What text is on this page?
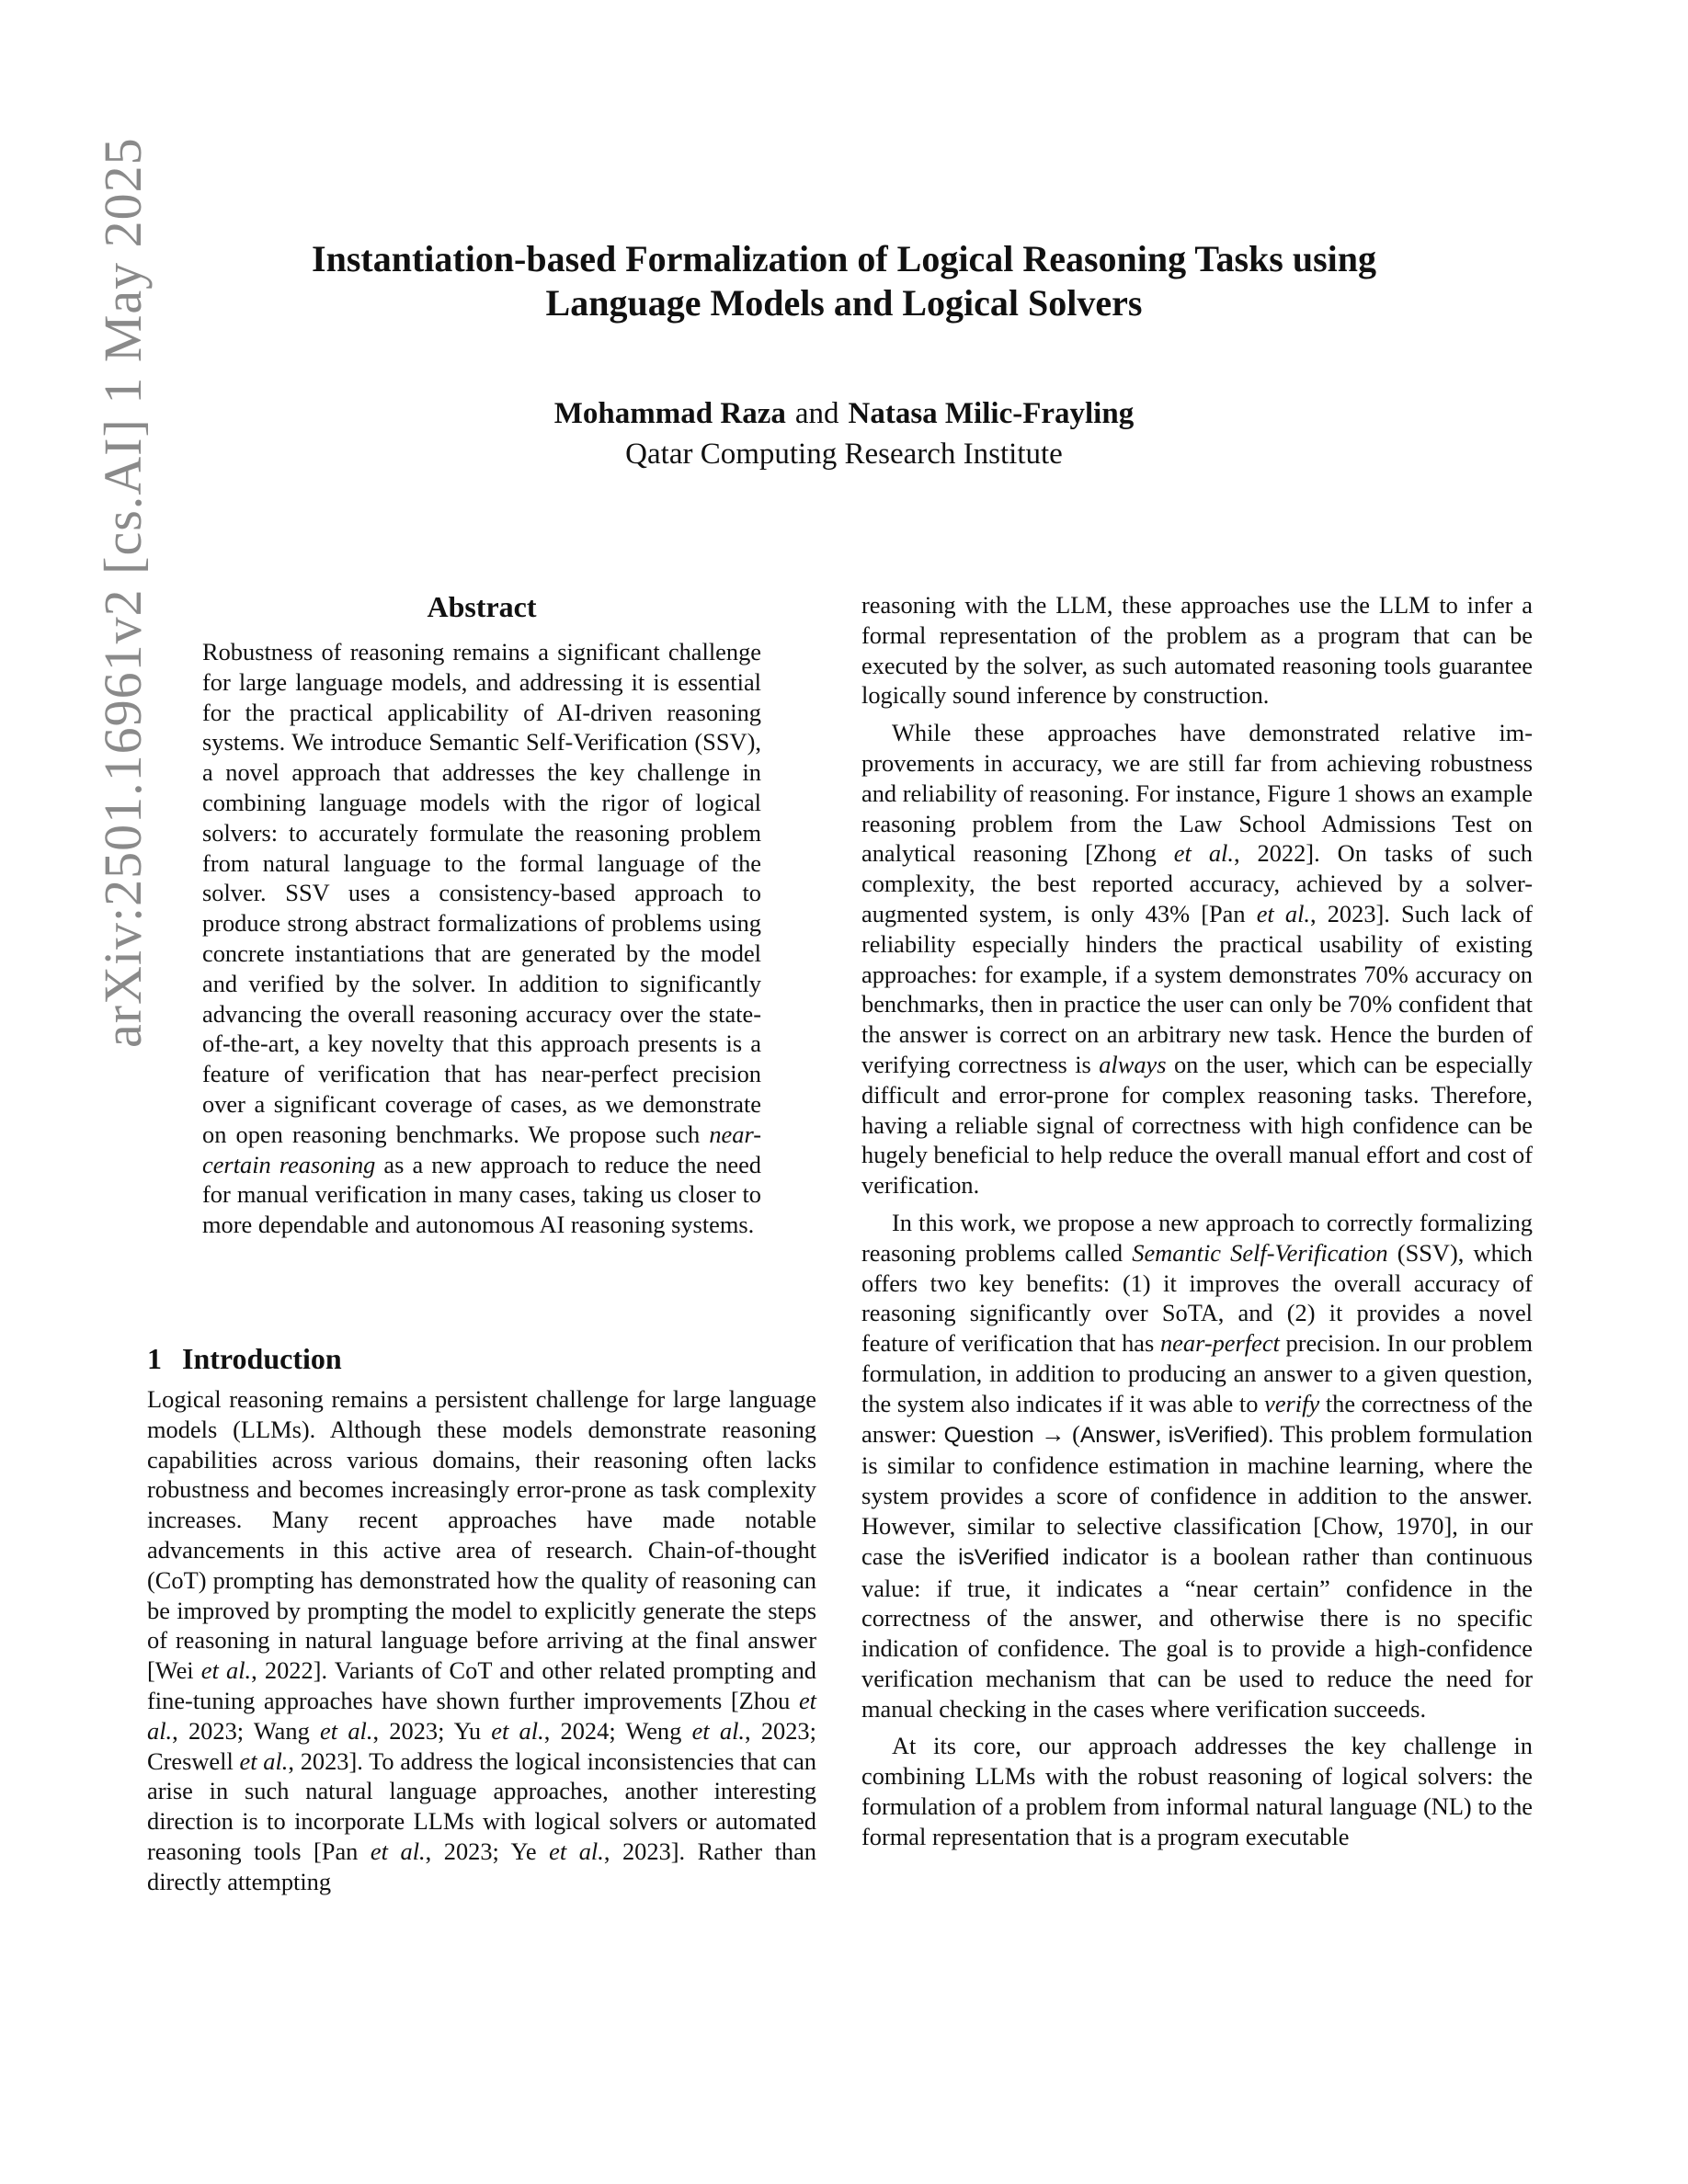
arXiv:2501.16961v2 [cs.AI] 1 May 2025	Instantiation-based Formalization of Logical Reasoning Tasks using
Language Models and Logical Solvers
Mohammad Raza and Natasa Milic-Frayling
Qatar Computing Research Institute
Abstract

Robustness of reasoning remains a significant challenge for large language models, and addressing it is essential for the practical applicability of AI-driven reasoning systems. We introduce Semantic Self-Verification (SSV), a novel approach that addresses the key challenge in combining language models with the rigor of logical solvers: to accurately formulate the reasoning problem from natural language to the formal language of the solver. SSV uses a consistency-based approach to produce strong abstract formalizations of problems using concrete instantiations that are generated by the model and verified by the solver. In addition to significantly advancing the overall reasoning accuracy over the state-of-the-art, a key novelty that this approach presents is a feature of verification that has near-perfect precision over a significant coverage of cases, as we demonstrate on open reasoning benchmarks. We propose such near-certain reasoning as a new approach to reduce the need for manual verification in many cases, taking us closer to more dependable and autonomous AI reasoning systems.

1 Introduction

Logical reasoning remains a persistent challenge for large language models (LLMs). Although these models demonstrate reasoning capabilities across various domains, their reasoning often lacks robustness and becomes increasingly error-prone as task complexity increases. Many recent approaches have made notable advancements in this active area of research. Chain-of-thought (CoT) prompting has demonstrated how the quality of reasoning can be improved by prompting the model to explicitly generate the steps of reasoning in natural language before arriving at the final answer [Wei et al., 2022]. Variants of CoT and other related prompting and fine-tuning approaches have shown further improvements [Zhou et al., 2023; Wang et al., 2023; Yu et al., 2024; Weng et al., 2023; Creswell et al., 2023]. To address the logical inconsistencies that can arise in such natural language approaches, another interesting direction is to incorporate LLMs with logical solvers or automated reasoning tools [Pan et al., 2023; Ye et al., 2023]. Rather than directly attempting

reasoning with the LLM, these approaches use the LLM to infer a formal representation of the problem as a program that can be executed by the solver, as such automated reasoning tools guarantee logically sound inference by construction.

While these approaches have demonstrated relative improvements in accuracy, we are still far from achieving robustness and reliability of reasoning. For instance, Figure 1 shows an example reasoning problem from the Law School Admissions Test on analytical reasoning [Zhong et al., 2022]. On tasks of such complexity, the best reported accuracy, achieved by a solver-augmented system, is only 43% [Pan et al., 2023]. Such lack of reliability especially hinders the practical usability of existing approaches: for example, if a system demonstrates 70% accuracy on benchmarks, then in practice the user can only be 70% confident that the answer is correct on an arbitrary new task. Hence the burden of verifying correctness is always on the user, which can be especially difficult and error-prone for complex reasoning tasks. Therefore, having a reliable signal of correctness with high confidence can be hugely beneficial to help reduce the overall manual effort and cost of verification.

In this work, we propose a new approach to correctly formalizing reasoning problems called Semantic Self-Verification (SSV), which offers two key benefits: (1) it improves the overall accuracy of reasoning significantly over SoTA, and (2) it provides a novel feature of verification that has near-perfect precision. In our problem formulation, in addition to producing an answer to a given question, the system also indicates if it was able to verify the correctness of the answer: Question → (Answer, isVerified). This problem formulation is similar to confidence estimation in machine learning, where the system provides a score of confidence in addition to the answer. However, similar to selective classification [Chow, 1970], in our case the isVerified indicator is a boolean rather than continuous value: if true, it indicates a “near certain” confidence in the correctness of the answer, and otherwise there is no specific indication of confidence. The goal is to provide a high-confidence verification mechanism that can be used to reduce the need for manual checking in the cases where verification succeeds.

At its core, our approach addresses the key challenge in combining LLMs with the robust reasoning of logical solvers: the formulation of a problem from informal natural language (NL) to the formal representation that is a program executable
